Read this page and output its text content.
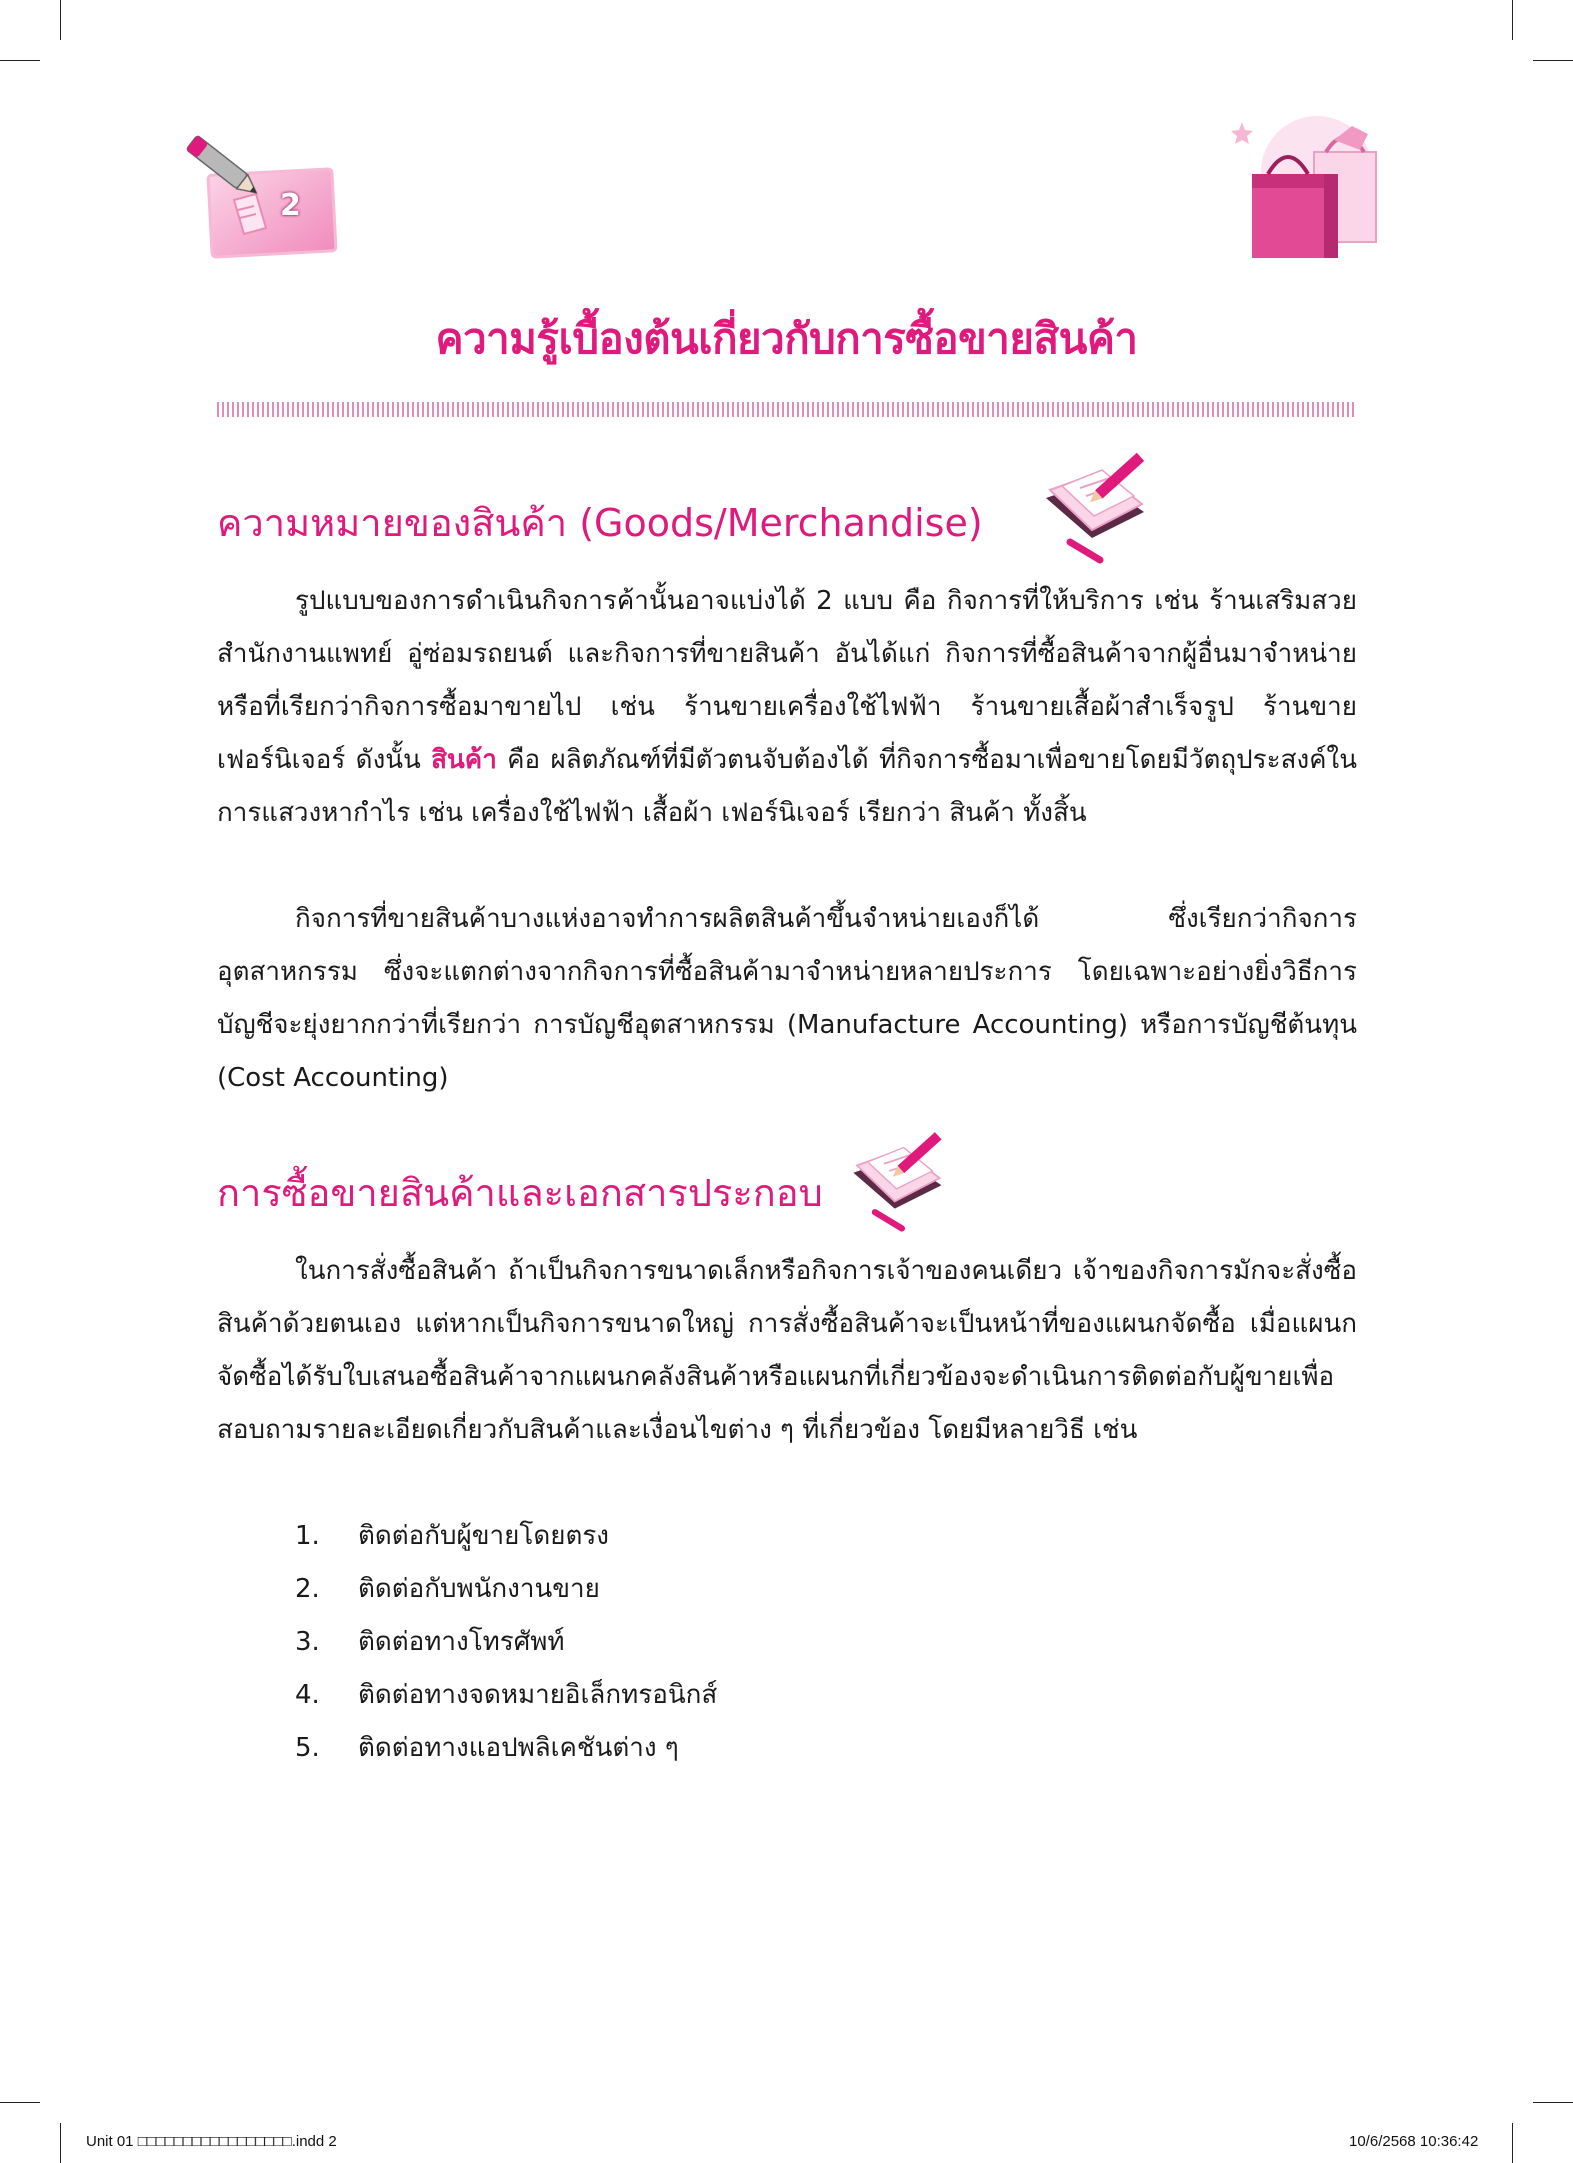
2
ความรู้เบื้องต้นเกี่ยวกับการซื้อขายสินค้า
ความหมายของสินค้า (Goods/Merchandise)

รูปแบบของการดำเนินกิจการค้านั้นอาจแบ่งได้ 2 แบบ คือ กิจการที่ให้บริการ เช่น ร้านเสริมสวย สำนักงานแพทย์ อู่ซ่อมรถยนต์ และกิจการที่ขายสินค้า อันได้แก่ กิจการที่ซื้อสินค้าจากผู้อื่นมาจำหน่ายหรือที่เรียกว่ากิจการซื้อมาขายไป เช่น ร้านขายเครื่องใช้ไฟฟ้า ร้านขายเสื้อผ้าสำเร็จรูป ร้านขายเฟอร์นิเจอร์ ดังนั้น สินค้า คือ ผลิตภัณฑ์ที่มีตัวตนจับต้องได้ ที่กิจการซื้อมาเพื่อขายโดยมีวัตถุประสงค์ในการแสวงหากำไร เช่น เครื่องใช้ไฟฟ้า เสื้อผ้า เฟอร์นิเจอร์ เรียกว่า สินค้า ทั้งสิ้น

กิจการที่ขายสินค้าบางแห่งอาจทำการผลิตสินค้าขึ้นจำหน่ายเองก็ได้ ซึ่งเรียกว่ากิจการอุตสาหกรรม ซึ่งจะแตกต่างจากกิจการที่ซื้อสินค้ามาจำหน่ายหลายประการ โดยเฉพาะอย่างยิ่งวิธีการบัญชีจะยุ่งยากกว่าที่เรียกว่า การบัญชีอุตสาหกรรม (Manufacture Accounting) หรือการบัญชีต้นทุน (Cost Accounting)

การซื้อขายสินค้าและเอกสารประกอบ

ในการสั่งซื้อสินค้า ถ้าเป็นกิจการขนาดเล็กหรือกิจการเจ้าของคนเดียว เจ้าของกิจการมักจะสั่งซื้อสินค้าด้วยตนเอง แต่หากเป็นกิจการขนาดใหญ่ การสั่งซื้อสินค้าจะเป็นหน้าที่ของแผนกจัดซื้อ เมื่อแผนกจัดซื้อได้รับใบเสนอซื้อสินค้าจากแผนกคลังสินค้าหรือแผนกที่เกี่ยวข้องจะดำเนินการติดต่อกับผู้ขายเพื่อสอบถามรายละเอียดเกี่ยวกับสินค้าและเงื่อนไขต่าง ๆ ที่เกี่ยวข้อง โดยมีหลายวิธี เช่น

1.	ติดต่อกับผู้ขายโดยตรง
2.	ติดต่อกับพนักงานขาย
3.	ติดต่อทางโทรศัพท์
4.	ติดต่อทางจดหมายอิเล็กทรอนิกส์
5.	ติดต่อทางแอปพลิเคชันต่าง ๆ
Unit 01 □□□□□□□□□□□□□□□□□.indd 2	10/6/2568 10:36:42
